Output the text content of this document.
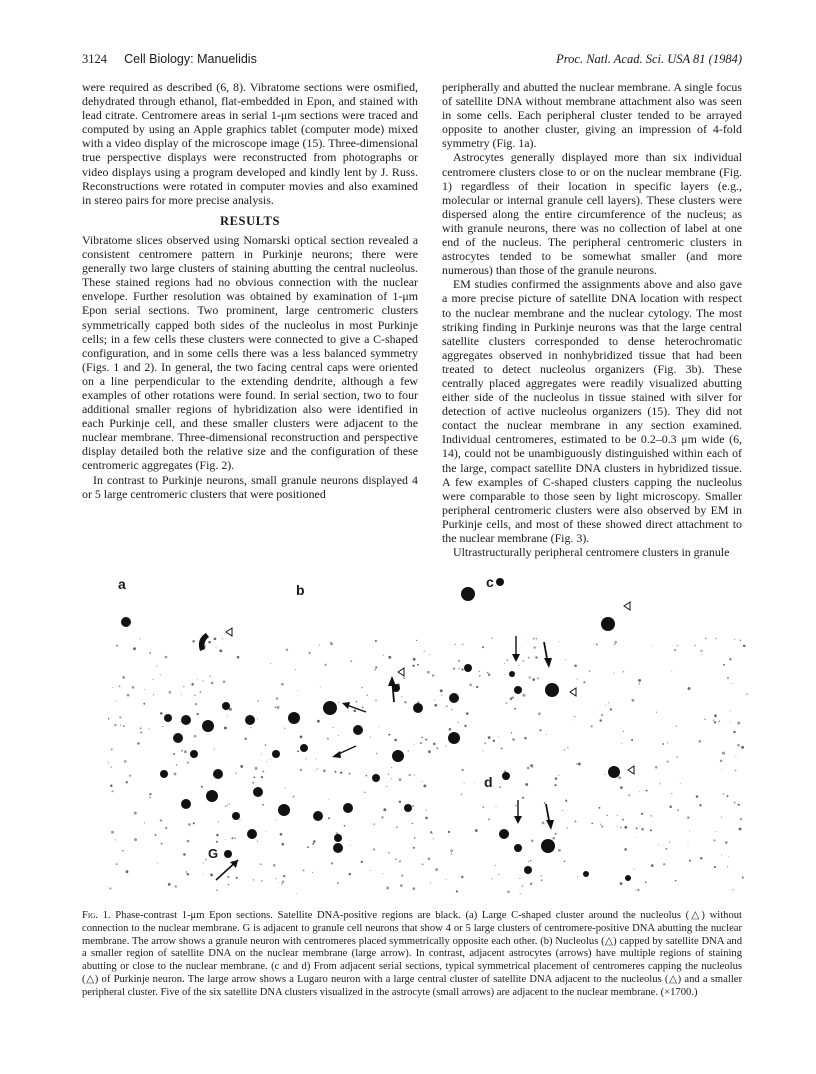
3124 Cell Biology: Manuelidis	Proc. Natl. Acad. Sci. USA 81 (1984)

were required as described (6, 8). Vibratome sections were osmified, dehydrated through ethanol, flat-embedded in Epon, and stained with lead citrate. Centromere areas in serial 1-μm sections were traced and computed by using an Apple graphics tablet (computer mode) mixed with a video display of the microscope image (15). Three-dimensional true perspective displays were reconstructed from photographs or video displays using a program developed and kindly lent by J. Russ. Reconstructions were rotated in computer movies and also examined in stereo pairs for more precise analysis.

RESULTS

Vibratome slices observed using Nomarski optical section revealed a consistent centromere pattern in Purkinje neurons; there were generally two large clusters of staining abutting the central nucleolus. These stained regions had no obvious connection with the nuclear envelope. Further resolution was obtained by examination of 1-μm Epon serial sections. Two prominent, large centromeric clusters symmetrically capped both sides of the nucleolus in most Purkinje cells; in a few cells these clusters were connected to give a C-shaped configuration, and in some cells there was a less balanced symmetry (Figs. 1 and 2). In general, the two facing central caps were oriented on a line perpendicular to the extending dendrite, although a few examples of other rotations were found. In serial section, two to four additional smaller regions of hybridization also were identified in each Purkinje cell, and these smaller clusters were adjacent to the nuclear membrane. Three-dimensional reconstruction and perspective display detailed both the relative size and the configuration of these centromeric aggregates (Fig. 2).

In contrast to Purkinje neurons, small granule neurons displayed 4 or 5 large centromeric clusters that were positioned

peripherally and abutted the nuclear membrane. A single focus of satellite DNA without membrane attachment also was seen in some cells. Each peripheral cluster tended to be arrayed opposite to another cluster, giving an impression of 4-fold symmetry (Fig. 1a).

Astrocytes generally displayed more than six individual centromere clusters close to or on the nuclear membrane (Fig. 1) regardless of their location in specific layers (e.g., molecular or internal granule cell layers). These clusters were dispersed along the entire circumference of the nucleus; as with granule neurons, there was no collection of label at one end of the nucleus. The peripheral centromeric clusters in astrocytes tended to be somewhat smaller (and more numerous) than those of the granule neurons.

EM studies confirmed the assignments above and also gave a more precise picture of satellite DNA location with respect to the nuclear membrane and the nuclear cytology. The most striking finding in Purkinje neurons was that the large central satellite clusters corresponded to dense heterochromatic aggregates observed in nonhybridized tissue that had been treated to detect nucleolus organizers (Fig. 3b). These centrally placed aggregates were readily visualized abutting either side of the nucleolus in tissue stained with silver for detection of active nucleolus organizers (15). They did not contact the nuclear membrane in any section examined. Individual centromeres, estimated to be 0.2–0.3 μm wide (6, 14), could not be unambiguously distinguished within each of the large, compact satellite DNA clusters in hybridized tissue. A few examples of C-shaped clusters capping the nucleolus were comparable to those seen by light microscopy. Smaller peripheral centromeric clusters were also observed by EM in Purkinje cells, and most of these showed direct attachment to the nuclear membrane (Fig. 3).

Ultrastructurally peripheral centromere clusters in granule

a	b	c
d
G
Fig. 1. Phase-contrast 1-μm Epon sections. Satellite DNA-positive regions are black. (a) Large C-shaped cluster around the nucleolus (△) without connection to the nuclear membrane. G is adjacent to granule cell neurons that show 4 or 5 large clusters of centromere-positive DNA abutting the nuclear membrane. The arrow shows a granule neuron with centromeres placed symmetrically opposite each other. (b) Nucleolus (△) capped by satellite DNA and a smaller region of satellite DNA on the nuclear membrane (large arrow). In contrast, adjacent astrocytes (arrows) have multiple regions of staining abutting or close to the nuclear membrane. (c and d) From adjacent serial sections, typical symmetrical placement of centromeres capping the nucleolus (△) of Purkinje neuron. The large arrow shows a Lugaro neuron with a large central cluster of satellite DNA adjacent to the nucleolus (△) and a smaller peripheral cluster. Five of the six satellite DNA clusters visualized in the astrocyte (small arrows) are adjacent to the nuclear membrane. (×1700.)
